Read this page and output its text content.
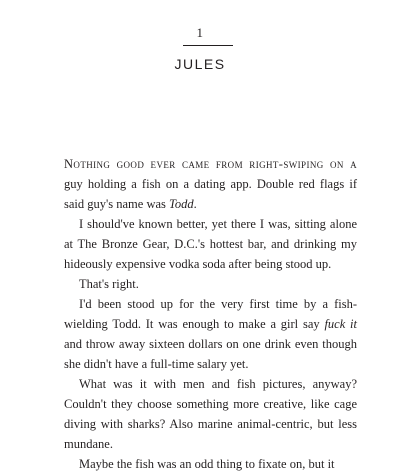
1
JULES

Nothing good ever came from right-swiping on a guy holding a fish on a dating app. Double red flags if said guy's name was Todd.

I should've known better, yet there I was, sitting alone at The Bronze Gear, D.C.'s hottest bar, and drinking my hideously expensive vodka soda after being stood up.

That's right.

I'd been stood up for the very first time by a fish-wielding Todd. It was enough to make a girl say fuck it and throw away sixteen dollars on one drink even though she didn't have a full-time salary yet.

What was it with men and fish pictures, anyway? Couldn't they choose something more creative, like cage diving with sharks? Also marine animal-centric, but less mundane.

Maybe the fish was an odd thing to fixate on, but it
